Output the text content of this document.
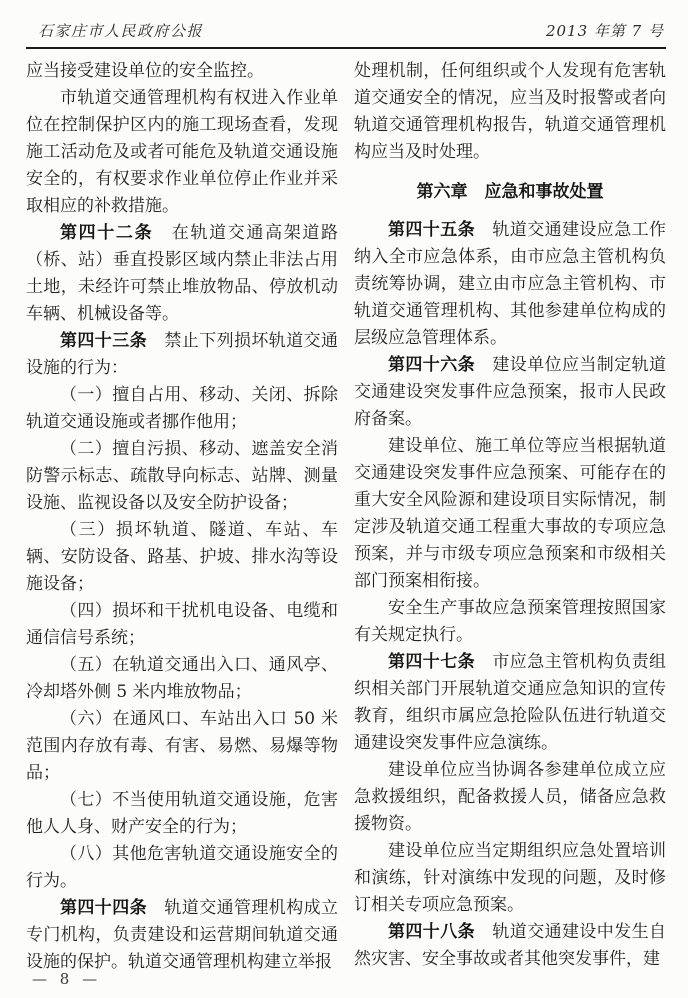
石家庄市人民政府公报	2013 年第 7 号

应当接受建设单位的安全监控。

市轨道交通管理机构有权进入作业单位在控制保护区内的施工现场查看，发现施工活动危及或者可能危及轨道交通设施安全的，有权要求作业单位停止作业并采取相应的补救措施。

第四十二条　在轨道交通高架道路（桥、站）垂直投影区域内禁止非法占用土地，未经许可禁止堆放物品、停放机动车辆、机械设备等。

第四十三条　禁止下列损坏轨道交通设施的行为：

（一）擅自占用、移动、关闭、拆除轨道交通设施或者挪作他用；

（二）擅自污损、移动、遮盖安全消防警示标志、疏散导向标志、站牌、测量设施、监视设备以及安全防护设备；

（三）损坏轨道、隧道、车站、车辆、安防设备、路基、护坡、排水沟等设施设备；

（四）损坏和干扰机电设备、电缆和通信信号系统；

（五）在轨道交通出入口、通风亭、冷却塔外侧 5 米内堆放物品；

（六）在通风口、车站出入口 50 米范围内存放有毒、有害、易燃、易爆等物品；

（七）不当使用轨道交通设施，危害他人人身、财产安全的行为；

（八）其他危害轨道交通设施安全的行为。

第四十四条　轨道交通管理机构成立专门机构，负责建设和运营期间轨道交通设施的保护。轨道交通管理机构建立举报

处理机制，任何组织或个人发现有危害轨道交通安全的情况，应当及时报警或者向轨道交通管理机构报告，轨道交通管理机构应当及时处理。

第六章　应急和事故处置

第四十五条　轨道交通建设应急工作纳入全市应急体系，由市应急主管机构负责统筹协调，建立由市应急主管机构、市轨道交通管理机构、其他参建单位构成的层级应急管理体系。

第四十六条　建设单位应当制定轨道交通建设突发事件应急预案，报市人民政府备案。

建设单位、施工单位等应当根据轨道交通建设突发事件应急预案、可能存在的重大安全风险源和建设项目实际情况，制定涉及轨道交通工程重大事故的专项应急预案，并与市级专项应急预案和市级相关部门预案相衔接。

安全生产事故应急预案管理按照国家有关规定执行。

第四十七条　市应急主管机构负责组织相关部门开展轨道交通应急知识的宣传教育，组织市属应急抢险队伍进行轨道交通建设突发事件应急演练。

建设单位应当协调各参建单位成立应急救援组织，配备救援人员，储备应急救援物资。

建设单位应当定期组织应急处置培训和演练，针对演练中发现的问题，及时修订相关专项应急预案。

第四十八条　轨道交通建设中发生自然灾害、安全事故或者其他突发事件，建

— 8 —
